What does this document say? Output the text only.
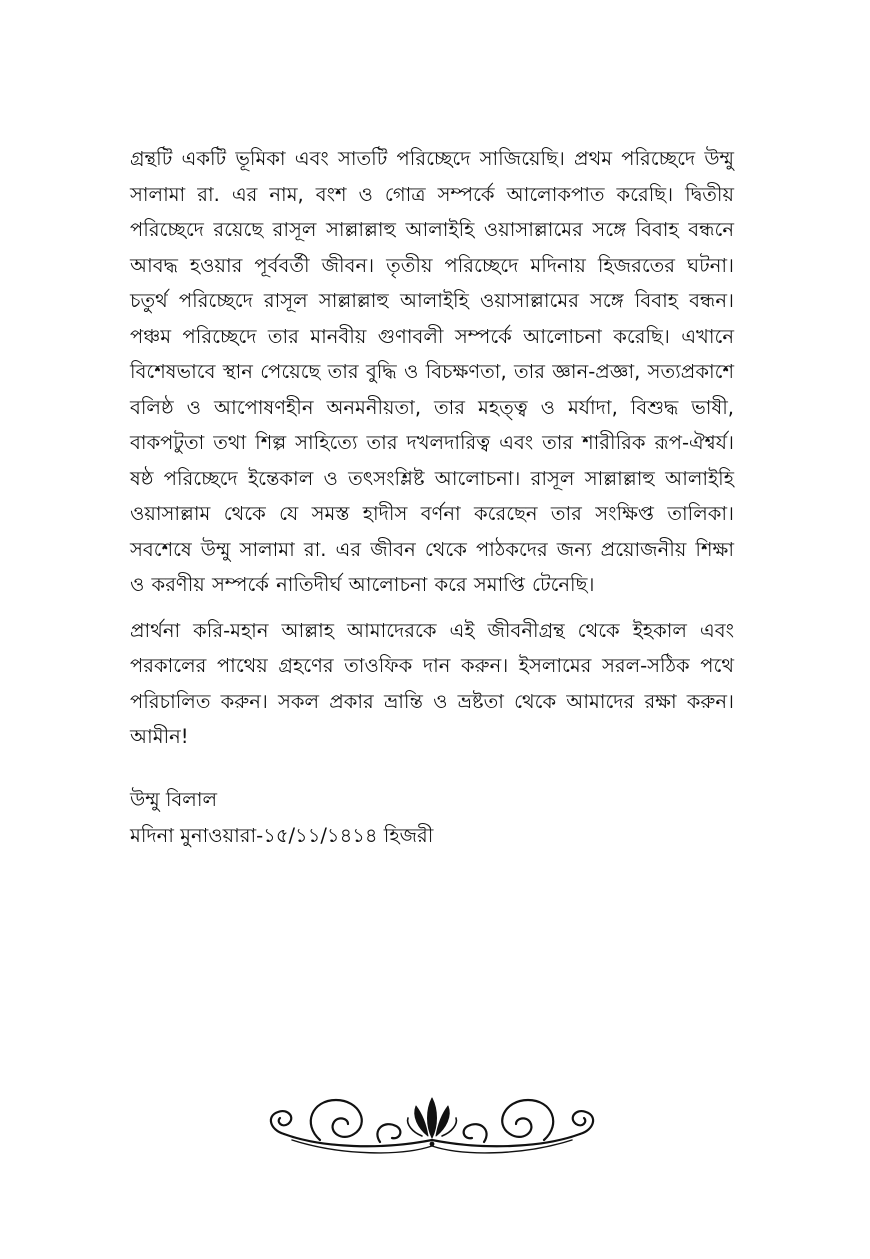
গ্রন্থটি একটি ভূমিকা এবং সাতটি পরিচ্ছেদে সাজিয়েছি। প্রথম পরিচ্ছেদে উম্মু সালামা রা. এর নাম, বংশ ও গোত্র সম্পর্কে আলোকপাত করেছি। দ্বিতীয় পরিচ্ছেদে রয়েছে রাসূল সাল্লাল্লাহু আলাইহি ওয়াসাল্লামের সঙ্গে বিবাহ বন্ধনে আবদ্ধ হওয়ার পূর্ববর্তী জীবন। তৃতীয় পরিচ্ছেদে মদিনায় হিজরতের ঘটনা। চতুর্থ পরিচ্ছেদে রাসূল সাল্লাল্লাহু আলাইহি ওয়াসাল্লামের সঙ্গে বিবাহ বন্ধন। পঞ্চম পরিচ্ছেদে তার মানবীয় গুণাবলী সম্পর্কে আলোচনা করেছি। এখানে বিশেষভাবে স্থান পেয়েছে তার বুদ্ধি ও বিচক্ষণতা, তার জ্ঞান-প্রজ্ঞা, সত্যপ্রকাশে বলিষ্ঠ ও আপোষণহীন অনমনীয়তা, তার মহত্ত্ব ও মর্যাদা, বিশুদ্ধ ভাষী, বাকপটুতা তথা শিল্প সাহিত্যে তার দখলদারিত্ব এবং তার শারীরিক রূপ-ঐশ্বর্য। ষষ্ঠ পরিচ্ছেদে ইন্তেকাল ও তৎসংশ্লিষ্ট আলোচনা। রাসূল সাল্লাল্লাহু আলাইহি ওয়াসাল্লাম থেকে যে সমস্ত হাদীস বর্ণনা করেছেন তার সংক্ষিপ্ত তালিকা। সবশেষে উম্মু সালামা রা. এর জীবন থেকে পাঠকদের জন্য প্রয়োজনীয় শিক্ষা ও করণীয় সম্পর্কে নাতিদীর্ঘ আলোচনা করে সমাপ্তি টেনেছি।

প্রার্থনা করি-মহান আল্লাহ আমাদেরকে এই জীবনীগ্রন্থ থেকে ইহকাল এবং পরকালের পাথেয় গ্রহণের তাওফিক দান করুন। ইসলামের সরল-সঠিক পথে পরিচালিত করুন। সকল প্রকার ভ্রান্তি ও ভ্রষ্টতা থেকে আমাদের রক্ষা করুন। আমীন!

উম্মু বিলাল

মদিনা মুনাওয়ারা-১৫/১১/১৪১৪ হিজরী
